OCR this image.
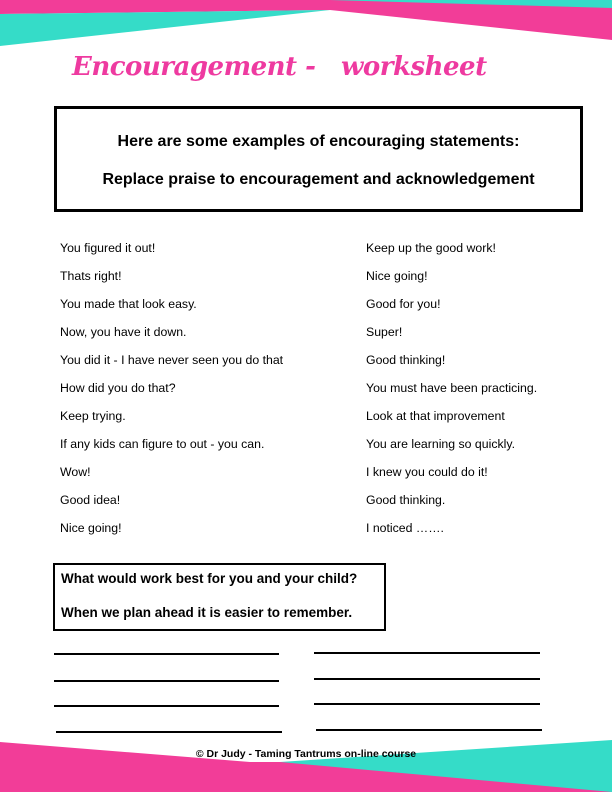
Encouragement -   worksheet
Here are some examples of encouraging statements:
Replace praise to encouragement and acknowledgement
You figured it out!
Thats right!
You made that look easy.
Now, you have it down.
You did it - I have never seen you do that
How did you do that?
Keep trying.
If any kids can figure to out - you can.
Wow!
Good idea!
Nice going!
Keep up the good work!
Nice going!
Good for you!
Super!
Good thinking!
You must have been practicing.
Look at that improvement
You are learning so quickly.
I knew you could do it!
Good thinking.
I noticed …….
What would work best for you and your child?
When we plan ahead it is easier to remember.
© Dr Judy - Taming Tantrums on-line course
